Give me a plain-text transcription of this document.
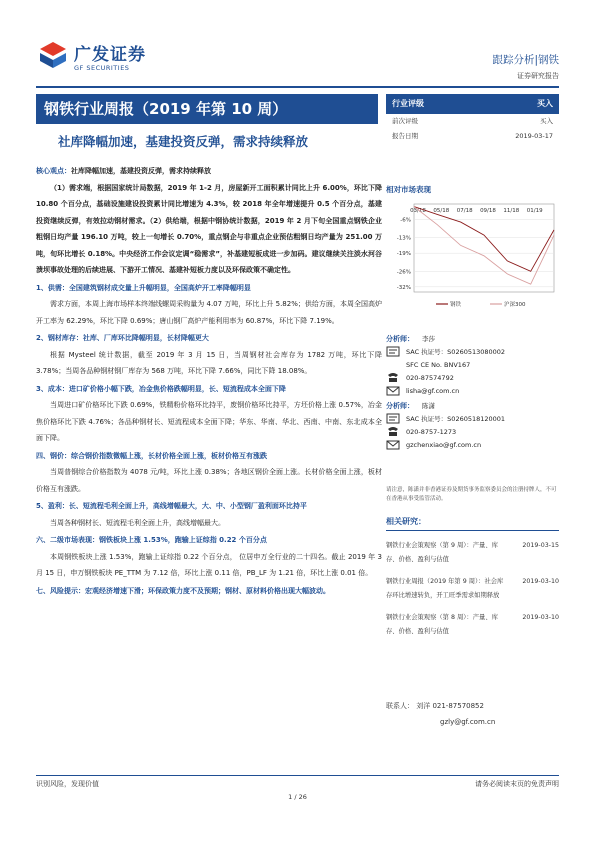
广发证券
GF SECURITIES
跟踪分析|钢铁
证券研究报告
钢铁行业周报（2019 年第 10 周）
社库降幅加速，基建投资反弹，需求持续释放
行业评级	买入
前次评级	买入
报告日期	2019-03-17

核心观点：社库降幅加速，基建投资反弹，需求持续释放

（1）需求端，根据国家统计局数据，2019 年 1-2 月，房屋新开工面积累计同比上升 6.00%，环比下降 10.80 个百分点，基础设施建设投资累计同比增速为 4.3%，较 2018 年全年增速提升 0.5 个百分点，基建投资继续反弹，有效拉动钢材需求。（2）供给端，根据中钢协统计数据，2019 年 2 月下旬全国重点钢铁企业粗钢日均产量 196.10 万吨，较上一旬增长 0.70%，重点钢企与非重点企业预估粗钢日均产量为 251.00 万吨，旬环比增长 0.18%。中央经济工作会议定调“稳需求”，补基建短板成进一步加码。建议继续关注淡水河谷溃坝事故处理的后续进展、下游开工情况、基建补短板力度以及环保政策不确定性。

1、供需：全国建筑钢材成交量上升幅明显，全国高炉开工率降幅明显

需求方面，本周上海市场样本终端线螺周采购量为 4.07 万吨，环比上升 5.82%；供给方面，本周全国高炉开工率为 62.29%，环比下降 0.69%；唐山钢厂高炉产能利用率为 60.87%，环比下降 7.19%。

2、钢材库存：社库、厂库环比降幅明显，长材降幅更大

根据 Mysteel 统计数据，截至 2019 年 3 月 15 日，当周钢材社会库存为 1782 万吨，环比下降 3.78%；当周各品种钢材钢厂库存为 568 万吨，环比下降 7.66%，同比下降 18.08%。

3、成本：进口矿价格小幅下跌，冶金焦价格跌幅明显，长、短流程成本全面下降

当周进口矿价格环比下跌 0.69%，铁精粉价格环比持平，废钢价格环比持平，方坯价格上涨 0.57%，冶金焦价格环比下跌 4.76%；各品种钢材长、短流程成本全面下降；华东、华南、华北、西南、中南、东北成本全面下降。

四、钢价：综合钢价指数微幅上涨，长材价格全面上涨，板材价格互有涨跌

当周普钢综合价格指数为 4078 元/吨，环比上涨 0.38%；各地区钢价全面上涨。长材价格全面上涨，板材价格互有涨跌。

5、盈利：长、短流程毛利全面上升，高线增幅最大，大、中、小型钢厂盈利面环比持平

当周各种钢材长、短流程毛利全面上升，高线增幅最大。

六、二级市场表现：钢铁板块上涨 1.53%，跑输上证综指 0.22 个百分点

本周钢铁板块上涨 1.53%，跑输上证综指 0.22 个百分点， 位居申万全行业的二十四名。截止 2019 年 3 月 15 日，申万钢铁板块 PE_TTM 为 7.12 倍，环比上涨 0.11 倍，PB_LF 为 1.21 倍，环比上涨 0.01 倍。

七、风险提示：宏观经济增速下滑；环保政策力度不及预期；钢材、原材料价格出现大幅波动。

相对市场表现
-6%
-13%
-19%
-26%
-32%
03/18 05/18 07/18 09/18 11/18 01/19
钢铁	沪深300
分析师：	李莎
SAC 执证号：S0260513080002
SFC CE No. BNV167
020-87574792
lisha@gf.com.cn
分析师：	陈潇
SAC 执证号：S0260518120001
020-8757-1273
gzchenxiao@gf.com.cn
请注意，陈潇并非香港证券及期货事务监察委员会的注册持牌人，不可在香港从事受监管活动。
相关研究：
钢铁行业会策观察（第 9 周）：产量、库存、价格、盈利与估值
2019-03-15
钢铁行业周报（2019 年第 9 周）：社会库存环比增速转负，开工旺季需求如期释放
2019-03-10
钢铁行业会策观察（第 8 周）：产量、库存、价格、盈利与估值
2019-03-10
联系人： 刘洋 021-87570852
gzly@gf.com.cn
识别风险，发现价值	请务必阅读末页的免责声明
1 / 26
